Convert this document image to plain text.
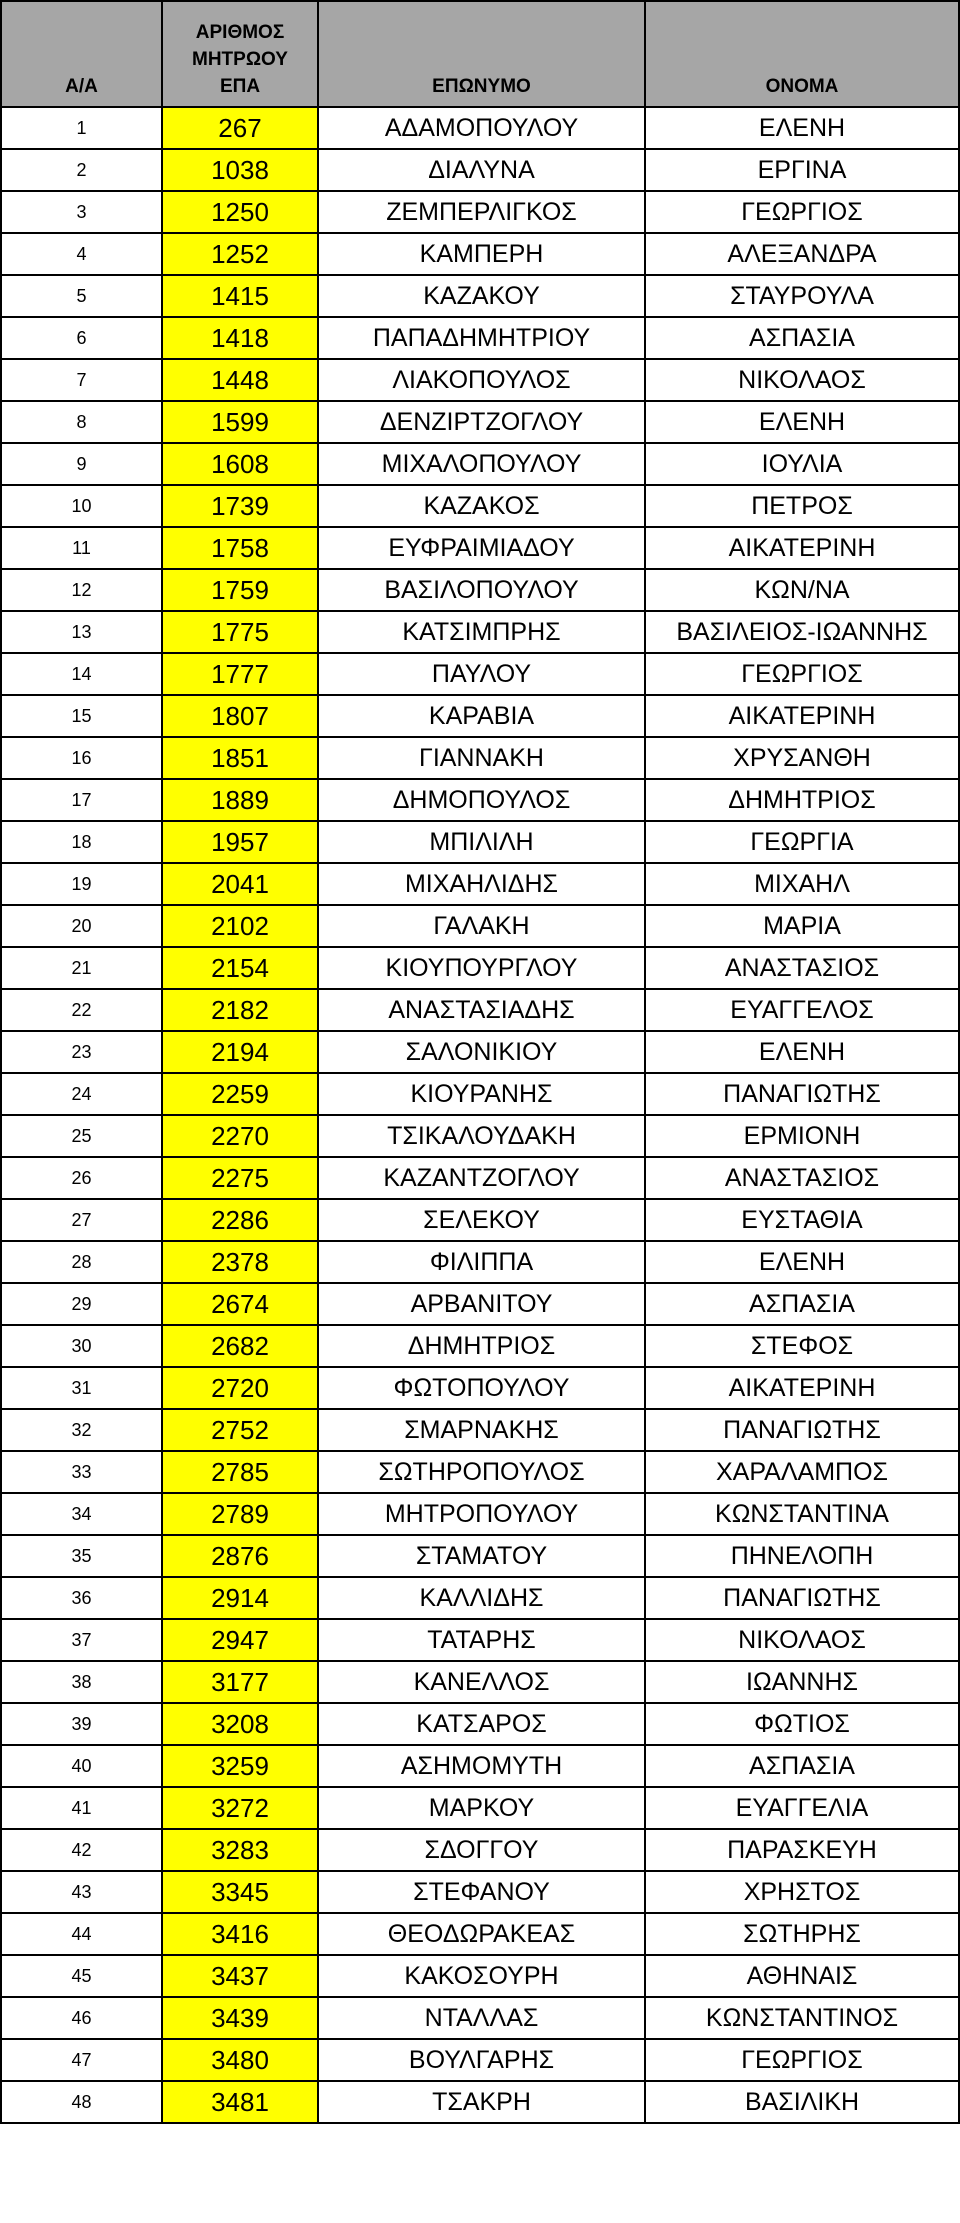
Α/Α	ΑΡΙΘΜΟΣ
ΜΗΤΡΩΟΥ
ΕΠΑ	ΕΠΩΝΥΜΟ	ΟΝΟΜΑ
1	267	ΑΔΑΜΟΠΟΥΛΟΥ	ΕΛΕΝΗ
2	1038	ΔΙΑΛΥΝΑ	ΕΡΓΙΝΑ
3	1250	ΖΕΜΠΕΡΛΙΓΚΟΣ	ΓΕΩΡΓΙΟΣ
4	1252	ΚΑΜΠΕΡΗ	ΑΛΕΞΑΝΔΡΑ
5	1415	ΚΑΖΑΚΟΥ	ΣΤΑΥΡΟΥΛΑ
6	1418	ΠΑΠΑΔΗΜΗΤΡΙΟΥ	ΑΣΠΑΣΙΑ
7	1448	ΛΙΑΚΟΠΟΥΛΟΣ	ΝΙΚΟΛΑΟΣ
8	1599	ΔΕΝΖΙΡΤΖΟΓΛΟΥ	ΕΛΕΝΗ
9	1608	ΜΙΧΑΛΟΠΟΥΛΟΥ	ΙΟΥΛΙΑ
10	1739	ΚΑΖΑΚΟΣ	ΠΕΤΡΟΣ
11	1758	ΕΥΦΡΑΙΜΙΑΔΟΥ	ΑΙΚΑΤΕΡΙΝΗ
12	1759	ΒΑΣΙΛΟΠΟΥΛΟΥ	ΚΩΝ/ΝΑ
13	1775	ΚΑΤΣΙΜΠΡΗΣ	ΒΑΣΙΛΕΙΟΣ-ΙΩΑΝΝΗΣ
14	1777	ΠΑΥΛΟΥ	ΓΕΩΡΓΙΟΣ
15	1807	ΚΑΡΑΒΙΑ	ΑΙΚΑΤΕΡΙΝΗ
16	1851	ΓΙΑΝΝΑΚΗ	ΧΡΥΣΑΝΘΗ
17	1889	ΔΗΜΟΠΟΥΛΟΣ	ΔΗΜΗΤΡΙΟΣ
18	1957	ΜΠΙΛΙΛΗ	ΓΕΩΡΓΙΑ
19	2041	ΜΙΧΑΗΛΙΔΗΣ	ΜΙΧΑΗΛ
20	2102	ΓΑΛΑΚΗ	ΜΑΡΙΑ
21	2154	ΚΙΟΥΠΟΥΡΓΛΟΥ	ΑΝΑΣΤΑΣΙΟΣ
22	2182	ΑΝΑΣΤΑΣΙΑΔΗΣ	ΕΥΑΓΓΕΛΟΣ
23	2194	ΣΑΛΟΝΙΚΙΟΥ	ΕΛΕΝΗ
24	2259	ΚΙΟΥΡΑΝΗΣ	ΠΑΝΑΓΙΩΤΗΣ
25	2270	ΤΣΙΚΑΛΟΥΔΑΚΗ	ΕΡΜΙΟΝΗ
26	2275	ΚΑΖΑΝΤΖΟΓΛΟΥ	ΑΝΑΣΤΑΣΙΟΣ
27	2286	ΣΕΛΕΚΟΥ	ΕΥΣΤΑΘΙΑ
28	2378	ΦΙΛΙΠΠΑ	ΕΛΕΝΗ
29	2674	ΑΡΒΑΝΙΤΟΥ	ΑΣΠΑΣΙΑ
30	2682	ΔΗΜΗΤΡΙΟΣ	ΣΤΕΦΟΣ
31	2720	ΦΩΤΟΠΟΥΛΟΥ	ΑΙΚΑΤΕΡΙΝΗ
32	2752	ΣΜΑΡΝΑΚΗΣ	ΠΑΝΑΓΙΩΤΗΣ
33	2785	ΣΩΤΗΡΟΠΟΥΛΟΣ	ΧΑΡΑΛΑΜΠΟΣ
34	2789	ΜΗΤΡΟΠΟΥΛΟΥ	ΚΩΝΣΤΑΝΤΙΝΑ
35	2876	ΣΤΑΜΑΤΟΥ	ΠΗΝΕΛΟΠΗ
36	2914	ΚΑΛΛΙΔΗΣ	ΠΑΝΑΓΙΩΤΗΣ
37	2947	ΤΑΤΑΡΗΣ	ΝΙΚΟΛΑΟΣ
38	3177	ΚΑΝΕΛΛΟΣ	ΙΩΑΝΝΗΣ
39	3208	ΚΑΤΣΑΡΟΣ	ΦΩΤΙΟΣ
40	3259	ΑΣΗΜΟΜΥΤΗ	ΑΣΠΑΣΙΑ
41	3272	ΜΑΡΚΟΥ	ΕΥΑΓΓΕΛΙΑ
42	3283	ΣΔΟΓΓΟΥ	ΠΑΡΑΣΚΕΥΗ
43	3345	ΣΤΕΦΑΝΟΥ	ΧΡΗΣΤΟΣ
44	3416	ΘΕΟΔΩΡΑΚΕΑΣ	ΣΩΤΗΡΗΣ
45	3437	ΚΑΚΟΣΟΥΡΗ	ΑΘΗΝΑΙΣ
46	3439	ΝΤΑΛΛΑΣ	ΚΩΝΣΤΑΝΤΙΝΟΣ
47	3480	ΒΟΥΛΓΑΡΗΣ	ΓΕΩΡΓΙΟΣ
48	3481	ΤΣΑΚΡΗ	ΒΑΣΙΛΙΚΗ
